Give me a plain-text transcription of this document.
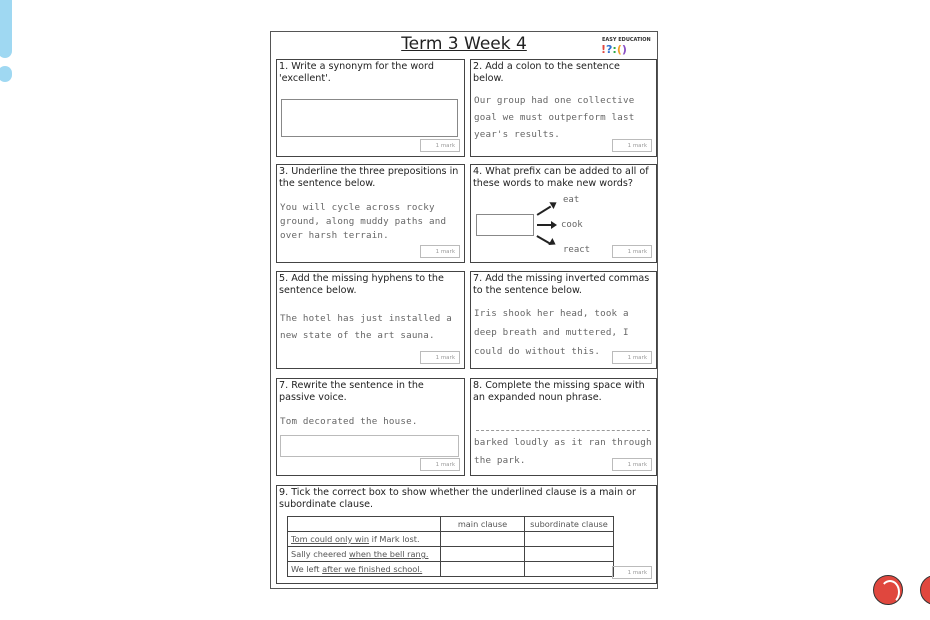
Term 3 Week 4	EASY EDUCATION
!?:()
1. Write a synonym for the word 'excellent'.
1 mark
2. Add a colon to the sentence below.
Our group had one collective goal we must outperform last year's results.
1 mark
3. Underline the three prepositions in the sentence below.
You will cycle across rocky ground, along muddy paths and over harsh terrain.
1 mark
4. What prefix can be added to all of these words to make new words?
eat
cook
react	1 mark
5. Add the missing hyphens to the sentence below.
The hotel has just installed a new state of the art sauna.
1 mark
7. Add the missing inverted commas to the sentence below.
Iris shook her head, took a deep breath and muttered, I could do without this.
1 mark
7. Rewrite the sentence in the passive voice.
Tom decorated the house.
1 mark
8. Complete the missing space with an expanded noun phrase.
barked loudly as it ran through the park.	1 mark
9. Tick the correct box to show whether the underlined clause is a main or subordinate clause.
	main clause	subordinate clause
Tom could only win if Mark lost.		
Sally cheered when the bell rang.		
We left after we finished school.			1 mark
